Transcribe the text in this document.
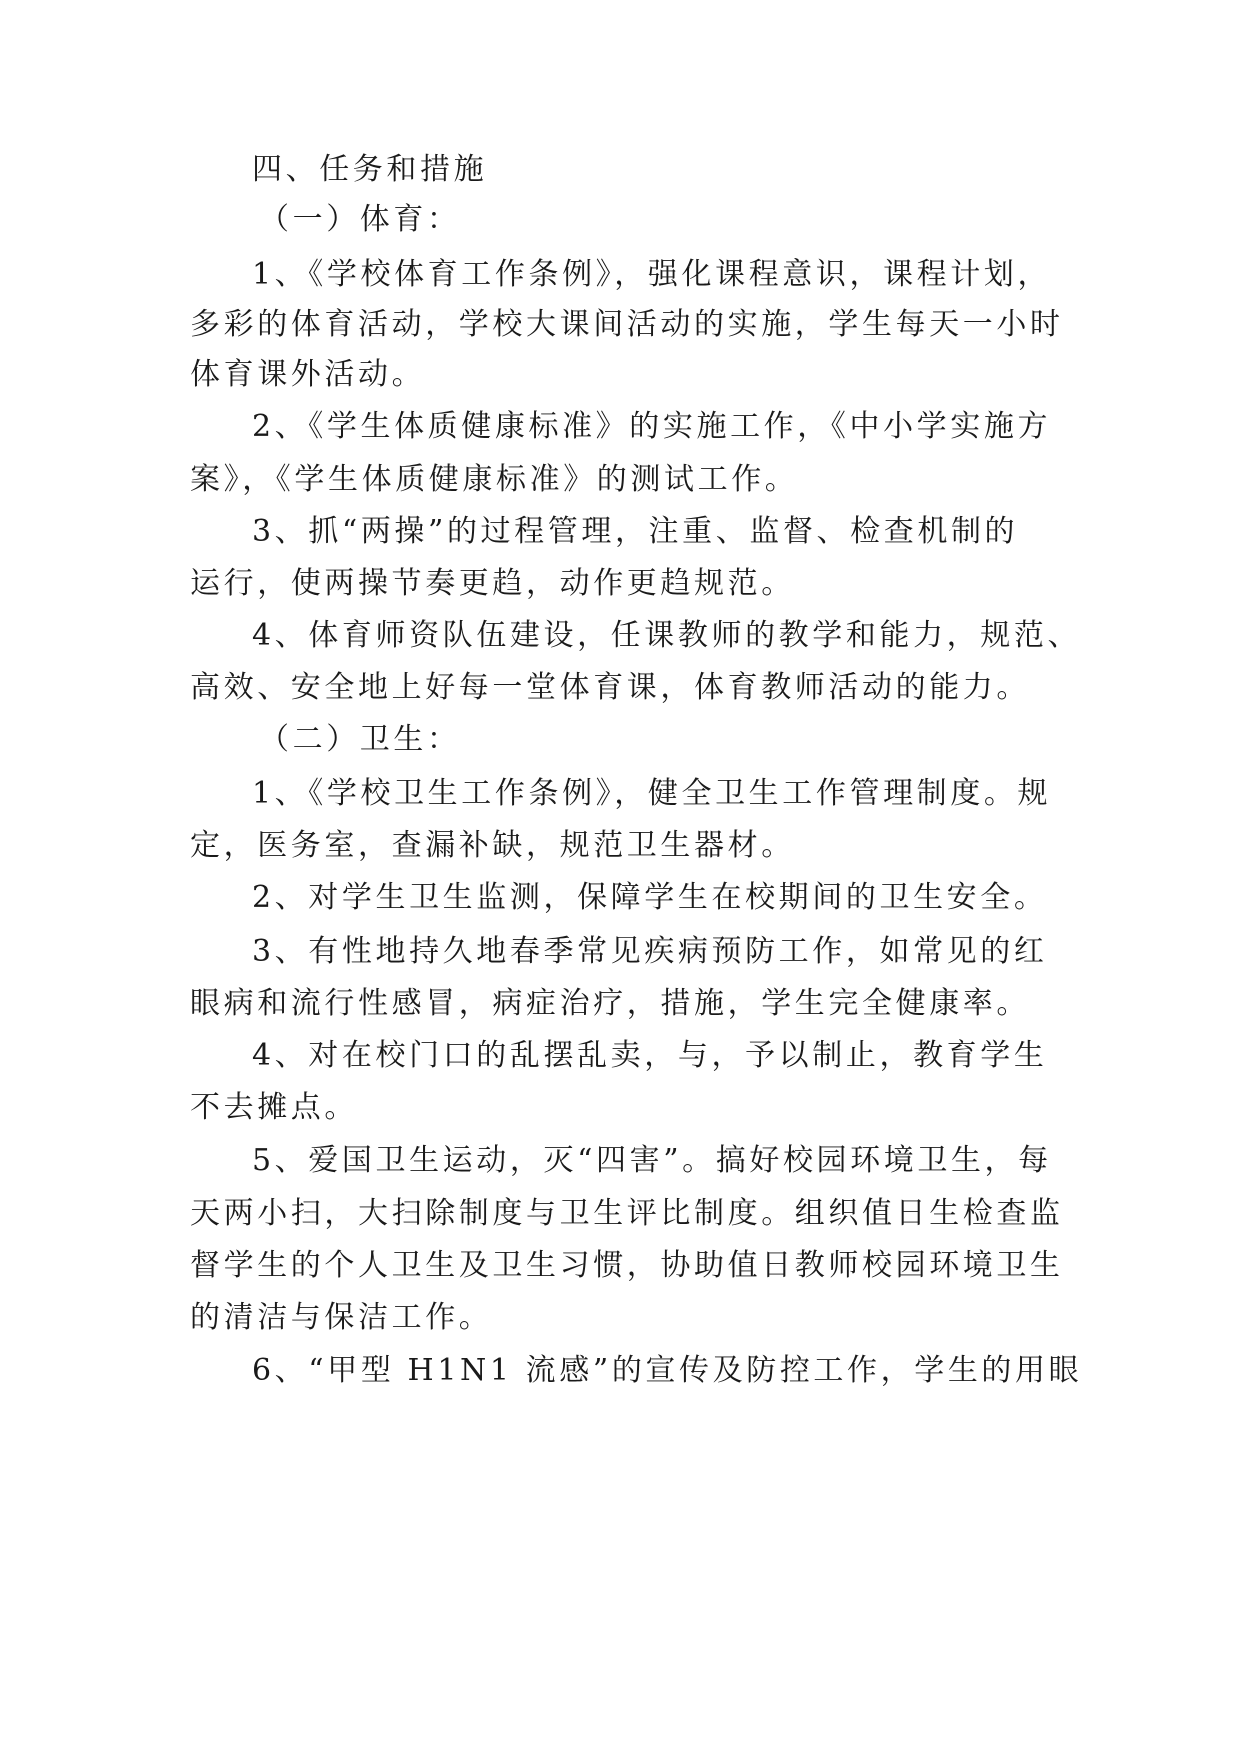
四、任务和措施
（一）体育：
1、《学校体育工作条例》，强化课程意识，课程计划，
多彩的体育活动，学校大课间活动的实施，学生每天一小时
体育课外活动。
2、《学生体质健康标准》的实施工作，《中小学实施方
案》，《学生体质健康标准》的测试工作。
3、抓“两操”的过程管理，注重、监督、检查机制的
运行，使两操节奏更趋，动作更趋规范。
4、体育师资队伍建设，任课教师的教学和能力，规范、
高效、安全地上好每一堂体育课，体育教师活动的能力。
（二）卫生：
1、《学校卫生工作条例》，健全卫生工作管理制度。规
定，医务室，查漏补缺，规范卫生器材。
2、对学生卫生监测，保障学生在校期间的卫生安全。
3、有性地持久地春季常见疾病预防工作，如常见的红
眼病和流行性感冒，病症治疗，措施，学生完全健康率。
4、对在校门口的乱摆乱卖，与，予以制止，教育学生
不去摊点。
5、爱国卫生运动，灭“四害”。搞好校园环境卫生，每
天两小扫，大扫除制度与卫生评比制度。组织值日生检查监
督学生的个人卫生及卫生习惯，协助值日教师校园环境卫生
的清洁与保洁工作。
6、“甲型 H1N1 流感”的宣传及防控工作，学生的用眼
